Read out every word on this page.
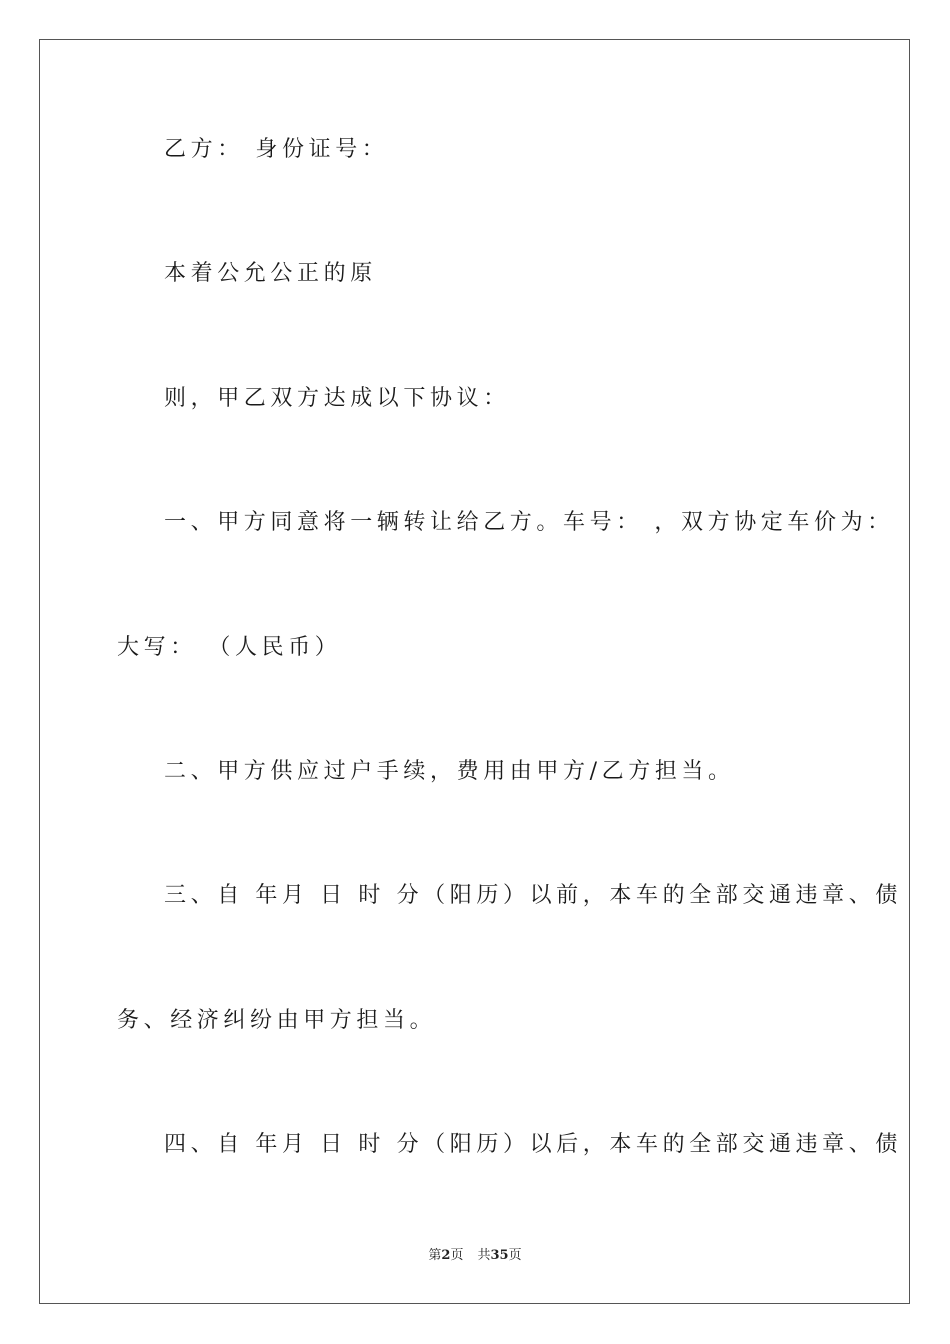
乙方： 身份证号：
本着公允公正的原
则，甲乙双方达成以下协议：
一、甲方同意将一辆转让给乙方。车号： ，双方协定车价为：
大写： （人民币）
二、甲方供应过户手续，费用由甲方/乙方担当。
三、自 年月 日 时 分（阳历）以前，本车的全部交通违章、债
务、经济纠纷由甲方担当。
四、自 年月 日 时 分（阳历）以后，本车的全部交通违章、债
第2页 共35页
